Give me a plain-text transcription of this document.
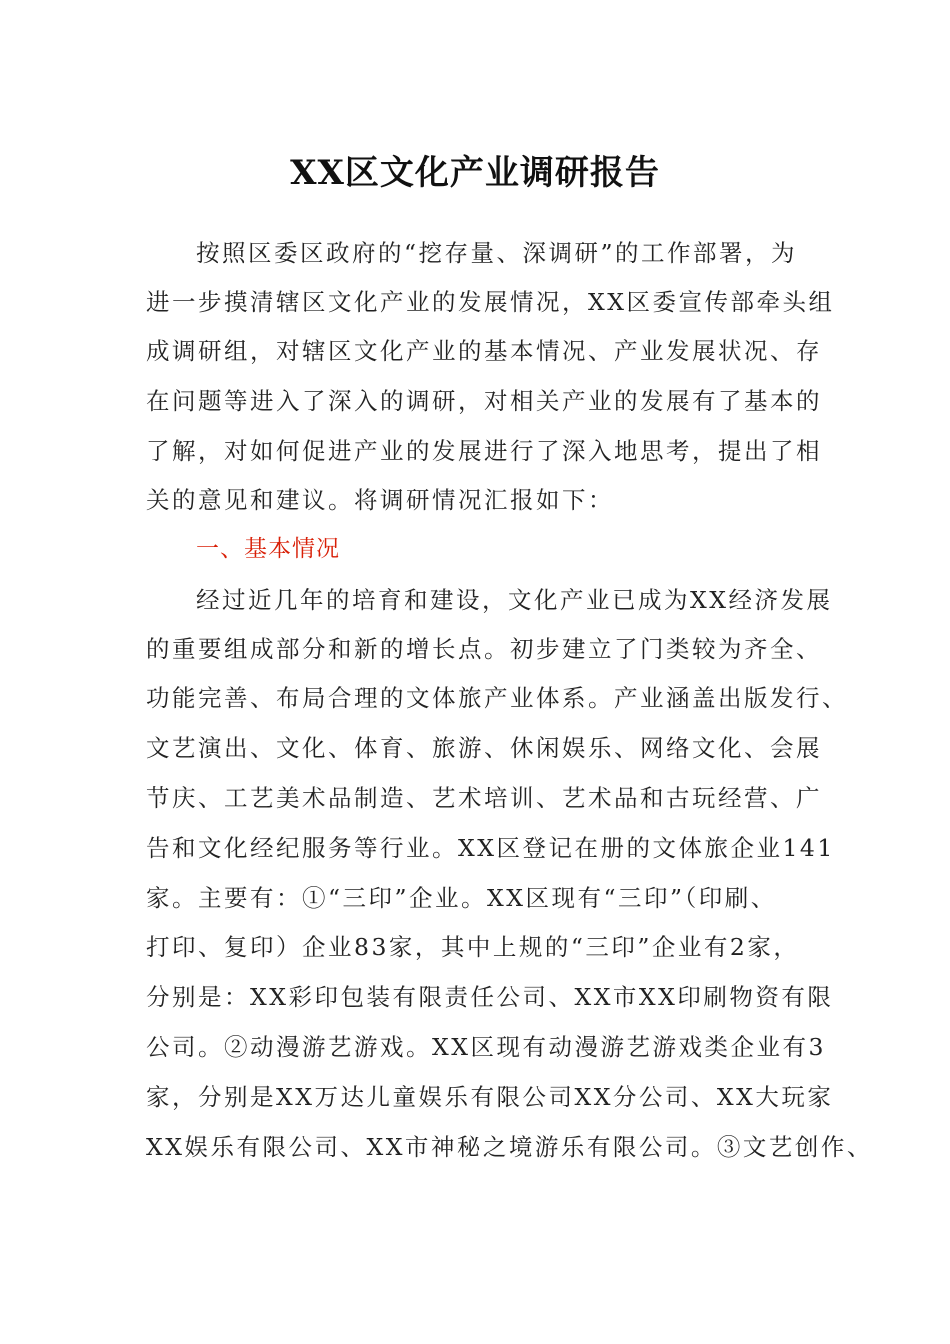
XX区文化产业调研报告
按照区委区政府的“挖存量、深调研”的工作部署，为
进一步摸清辖区文化产业的发展情况，XX区委宣传部牵头组
成调研组，对辖区文化产业的基本情况、产业发展状况、存
在问题等进入了深入的调研，对相关产业的发展有了基本的
了解，对如何促进产业的发展进行了深入地思考，提出了相
关的意见和建议。将调研情况汇报如下：
一、基本情况
经过近几年的培育和建设，文化产业已成为XX经济发展
的重要组成部分和新的增长点。初步建立了门类较为齐全、
功能完善、布局合理的文体旅产业体系。产业涵盖出版发行、
文艺演出、文化、体育、旅游、休闲娱乐、网络文化、会展
节庆、工艺美术品制造、艺术培训、艺术品和古玩经营、广
告和文化经纪服务等行业。XX区登记在册的文体旅企业141
家。主要有：①“三印”企业。XX区现有“三印”（印刷、
打印、复印）企业83家，其中上规的“三印”企业有2家，
分别是：XX彩印包装有限责任公司、XX市XX印刷物资有限
公司。②动漫游艺游戏。XX区现有动漫游艺游戏类企业有3
家，分别是XX万达儿童娱乐有限公司XX分公司、XX大玩家
XX娱乐有限公司、XX市神秘之境游乐有限公司。③文艺创作、
